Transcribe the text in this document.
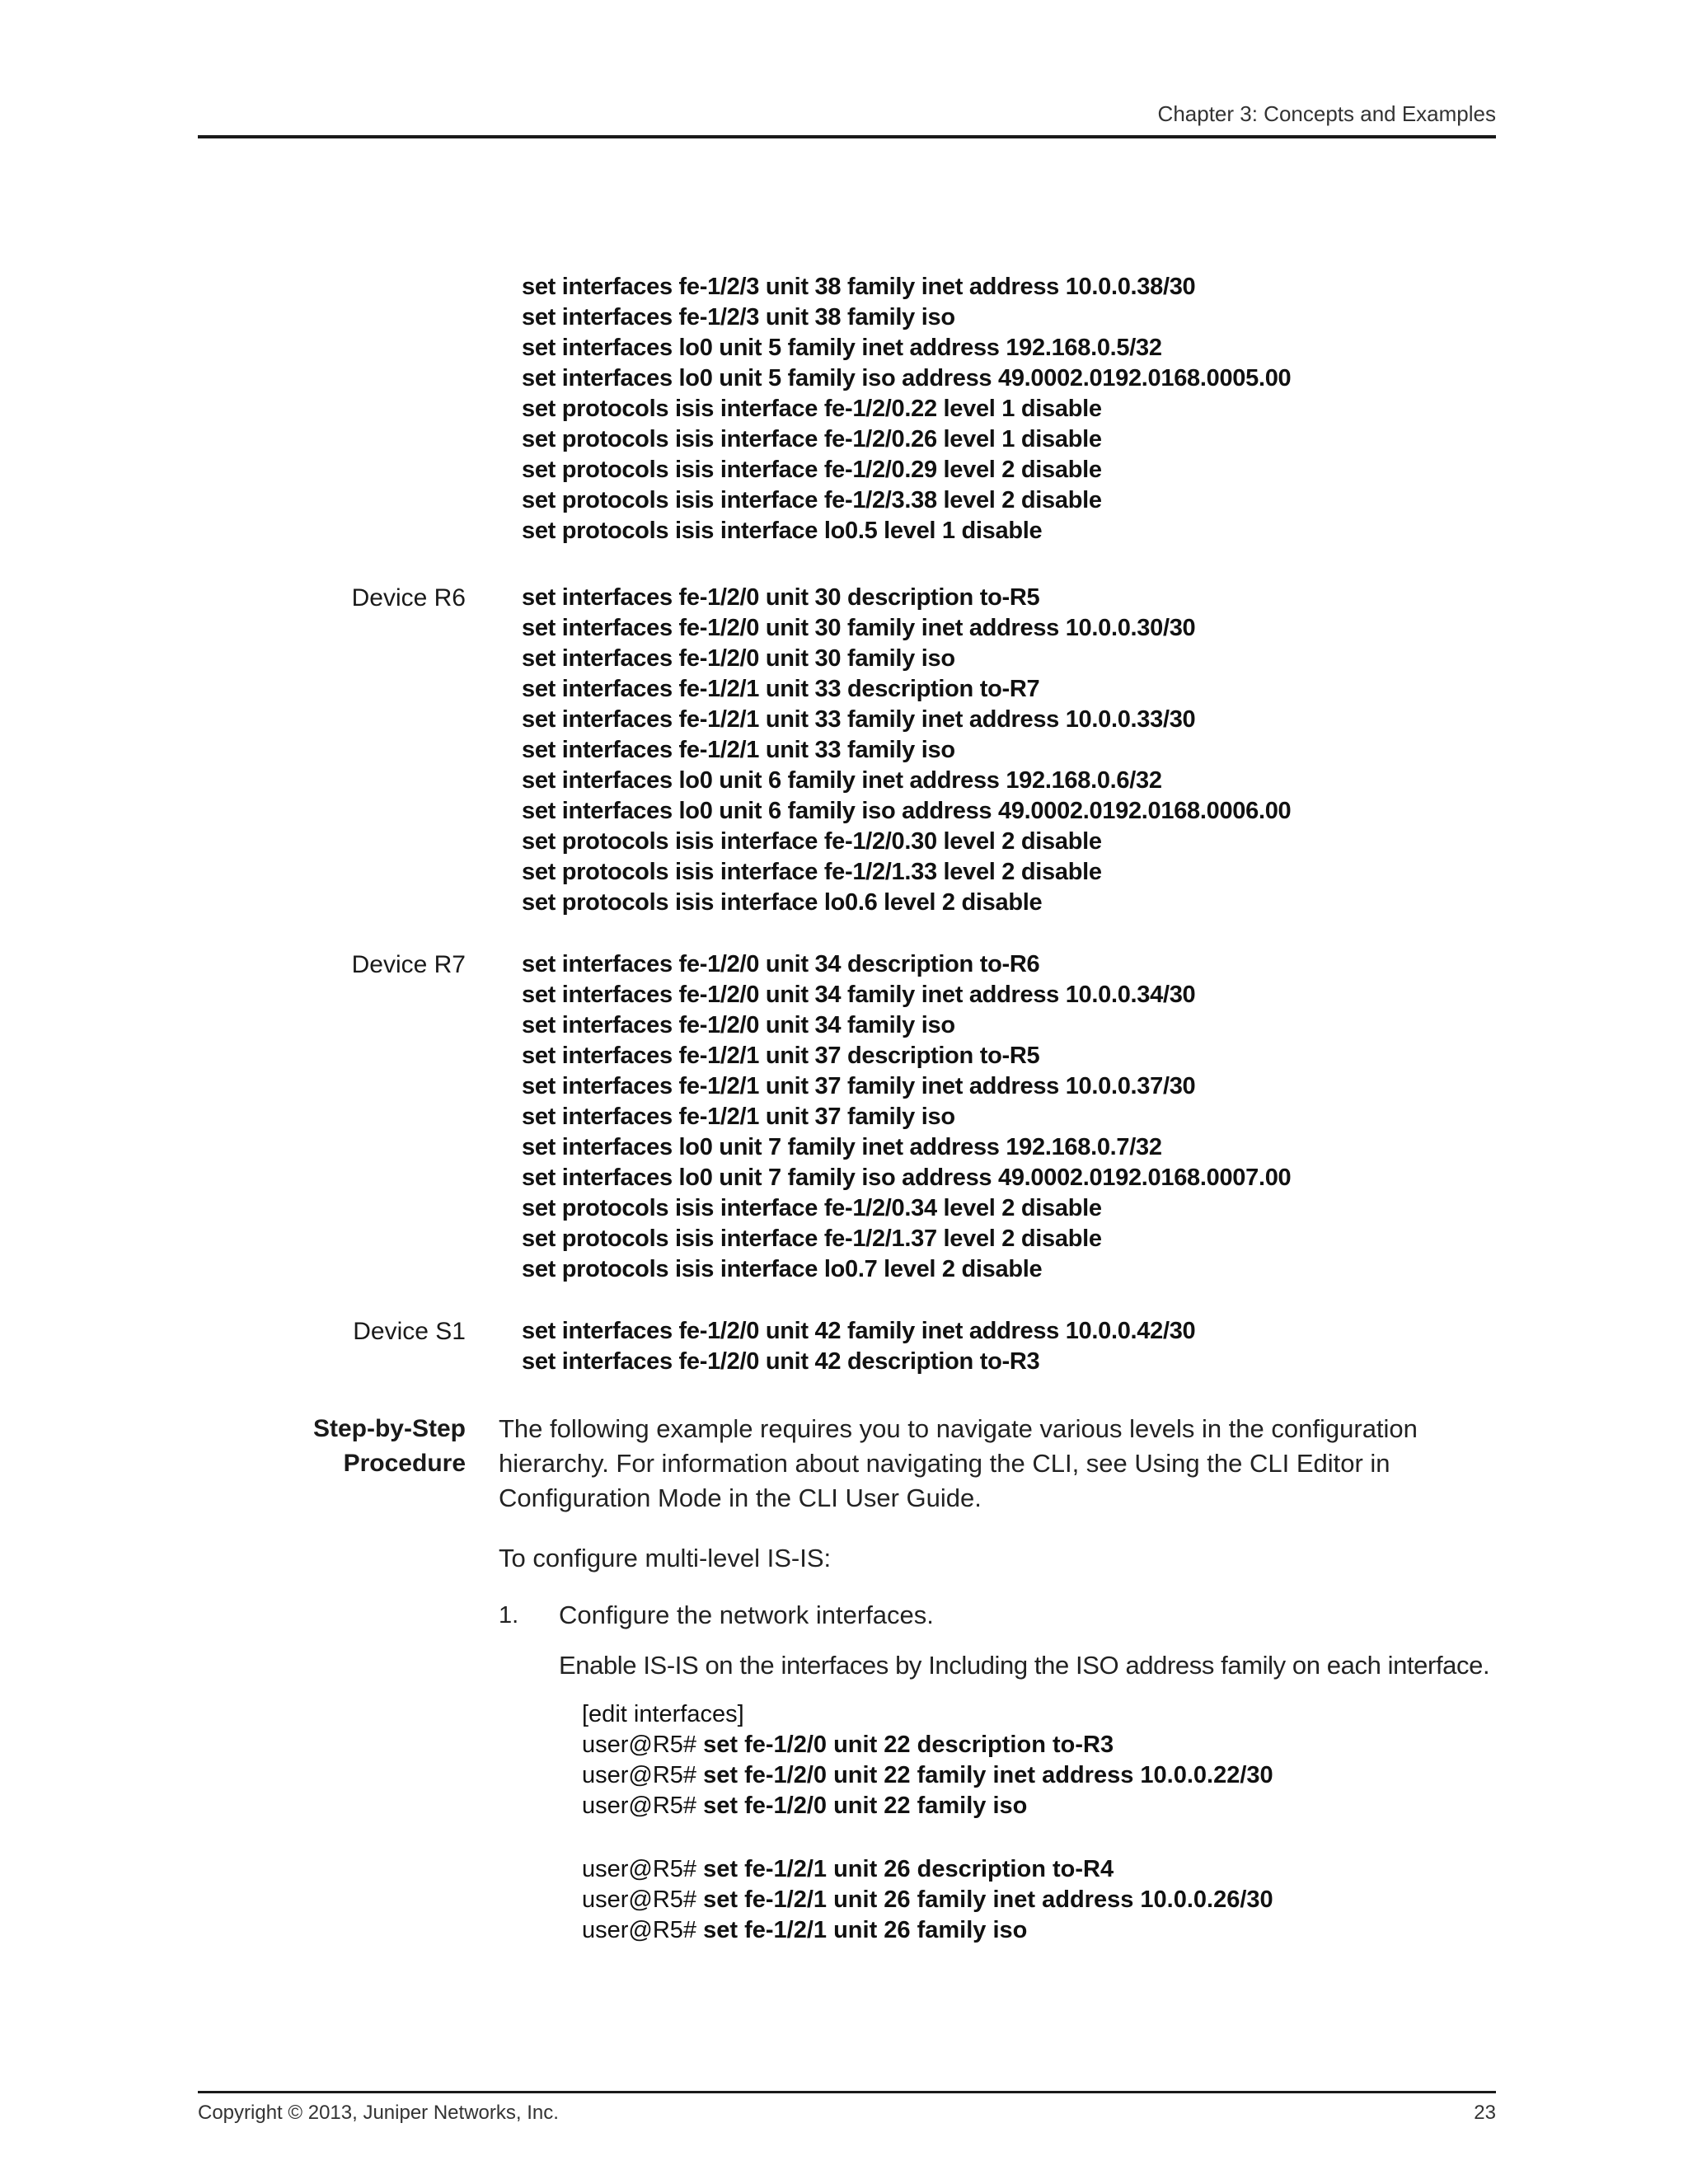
Chapter 3: Concepts and Examples
set interfaces fe-1/2/3 unit 38 family inet address 10.0.0.38/30
set interfaces fe-1/2/3 unit 38 family iso
set interfaces lo0 unit 5 family inet address 192.168.0.5/32
set interfaces lo0 unit 5 family iso address 49.0002.0192.0168.0005.00
set protocols isis interface fe-1/2/0.22 level 1 disable
set protocols isis interface fe-1/2/0.26 level 1 disable
set protocols isis interface fe-1/2/0.29 level 2 disable
set protocols isis interface fe-1/2/3.38 level 2 disable
set protocols isis interface lo0.5 level 1 disable
Device R6 set interfaces fe-1/2/0 unit 30 description to-R5
set interfaces fe-1/2/0 unit 30 family inet address 10.0.0.30/30
set interfaces fe-1/2/0 unit 30 family iso
set interfaces fe-1/2/1 unit 33 description to-R7
set interfaces fe-1/2/1 unit 33 family inet address 10.0.0.33/30
set interfaces fe-1/2/1 unit 33 family iso
set interfaces lo0 unit 6 family inet address 192.168.0.6/32
set interfaces lo0 unit 6 family iso address 49.0002.0192.0168.0006.00
set protocols isis interface fe-1/2/0.30 level 2 disable
set protocols isis interface fe-1/2/1.33 level 2 disable
set protocols isis interface lo0.6 level 2 disable
Device R7 set interfaces fe-1/2/0 unit 34 description to-R6
set interfaces fe-1/2/0 unit 34 family inet address 10.0.0.34/30
set interfaces fe-1/2/0 unit 34 family iso
set interfaces fe-1/2/1 unit 37 description to-R5
set interfaces fe-1/2/1 unit 37 family inet address 10.0.0.37/30
set interfaces fe-1/2/1 unit 37 family iso
set interfaces lo0 unit 7 family inet address 192.168.0.7/32
set interfaces lo0 unit 7 family iso address 49.0002.0192.0168.0007.00
set protocols isis interface fe-1/2/0.34 level 2 disable
set protocols isis interface fe-1/2/1.37 level 2 disable
set protocols isis interface lo0.7 level 2 disable
Device S1 set interfaces fe-1/2/0 unit 42 family inet address 10.0.0.42/30
set interfaces fe-1/2/0 unit 42 description to-R3
Step-by-Step
Procedure
The following example requires you to navigate various levels in the configuration
hierarchy. For information about navigating the CLI, see Using the CLI Editor in
Configuration Mode in the CLI User Guide.
To configure multi-level IS-IS:
1. Configure the network interfaces.
Enable IS-IS on the interfaces by Including the ISO address family on each interface.
[edit interfaces]
user@R5# set fe-1/2/0 unit 22 description to-R3
user@R5# set fe-1/2/0 unit 22 family inet address 10.0.0.22/30
user@R5# set fe-1/2/0 unit 22 family iso
user@R5# set fe-1/2/1 unit 26 description to-R4
user@R5# set fe-1/2/1 unit 26 family inet address 10.0.0.26/30
user@R5# set fe-1/2/1 unit 26 family iso
Copyright © 2013, Juniper Networks, Inc.	23
